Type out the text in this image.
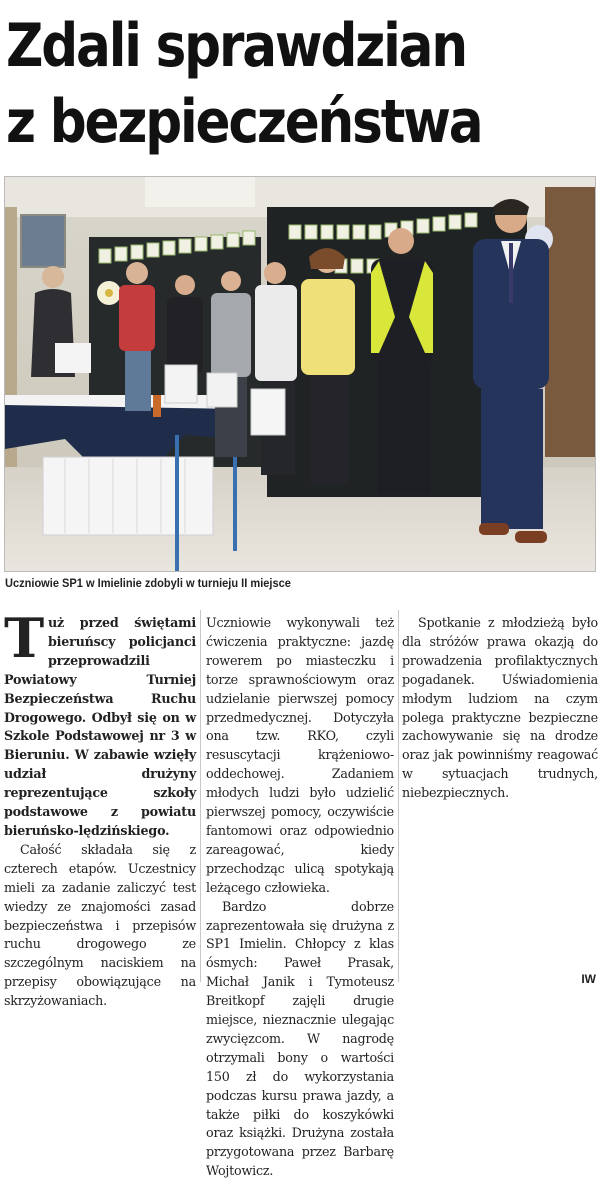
Zdali sprawdzian
z bezpieczeństwa
Uczniowie SP1 w Imielinie zdobyli w turnieju II miejsce

Tuż przed świętami bieruńscy policjanci przeprowadzili Powiatowy Turniej Bezpieczeństwa Ruchu Drogowego. Odbył się on w Szkole Podstawowej nr 3 w Bieruniu. W zabawie wzięły udział drużyny reprezentujące szkoły podstawowe z powiatu bieruńsko-lędzińskiego.

Całość składała się z czterech etapów. Uczestnicy mieli za zadanie zaliczyć test wiedzy ze znajomości zasad bezpieczeństwa i przepisów ruchu drogowego ze szczególnym naciskiem na przepisy obowiązujące na skrzyżowaniach.

Uczniowie wykonywali też ćwiczenia praktyczne: jazdę rowerem po miasteczku i torze sprawnościowym oraz udzielanie pierwszej pomocy przedmedycznej. Dotyczyła ona tzw. RKO, czyli resuscytacji krążeniowo-oddechowej. Zadaniem młodych ludzi było udzielić pierwszej pomocy, oczywiście fantomowi oraz odpowiednio zareagować, kiedy przechodząc ulicą spotykają leżącego człowieka.

Bardzo dobrze zaprezentowała się drużyna z SP1 Imielin. Chłopcy z klas ósmych: Paweł Prasak, Michał Janik i Tymoteusz Breitkopf zajęli drugie miejsce, nieznacznie ulegając zwycięzcom. W nagrodę otrzymali bony o wartości 150 zł do wykorzystania podczas kursu prawa jazdy, a także piłki do koszykówki oraz książki. Drużyna została przygotowana przez Barbarę Wojtowicz.

Spotkanie z młodzieżą było dla stróżów prawa okazją do prowadzenia profilaktycznych pogadanek. Uświadomienia młodym ludziom na czym polega praktyczne bezpieczne zachowywanie się na drodze oraz jak powinniśmy reagować w sytuacjach trudnych, niebezpiecznych.

IW
